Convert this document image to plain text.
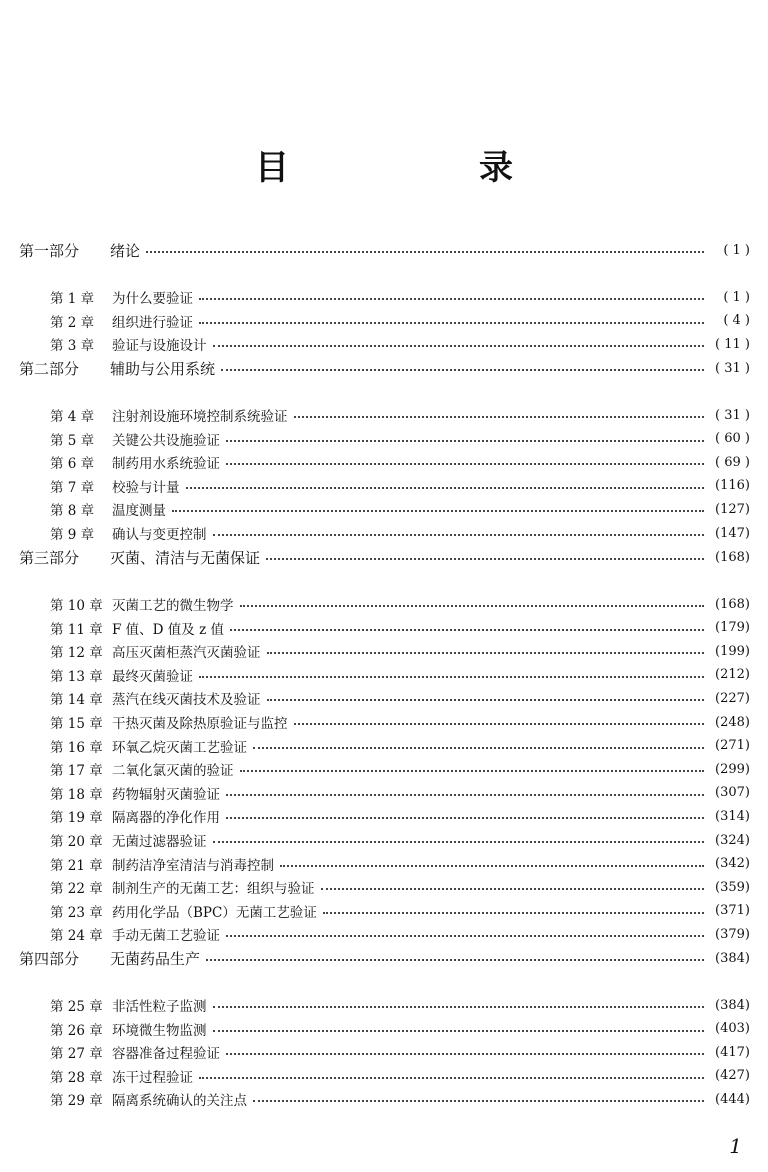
目　录
第一部分	绪论	( 1 )
第 1 章	为什么要验证	( 1 )
第 2 章	组织进行验证	( 4 )
第 3 章	验证与设施设计	( 11 )
第二部分	辅助与公用系统	( 31 )
第 4 章	注射剂设施环境控制系统验证	( 31 )
第 5 章	关键公共设施验证	( 60 )
第 6 章	制药用水系统验证	( 69 )
第 7 章	校验与计量	(116)
第 8 章	温度测量	(127)
第 9 章	确认与变更控制	(147)
第三部分	灭菌、清洁与无菌保证	(168)
第 10 章 灭菌工艺的微生物学	(168)
第 11 章 F 值、D 值及 z 值	(179)
第 12 章 高压灭菌柜蒸汽灭菌验证	(199)
第 13 章 最终灭菌验证	(212)
第 14 章 蒸汽在线灭菌技术及验证	(227)
第 15 章 干热灭菌及除热原验证与监控	(248)
第 16 章 环氧乙烷灭菌工艺验证	(271)
第 17 章 二氧化氯灭菌的验证	(299)
第 18 章 药物辐射灭菌验证	(307)
第 19 章 隔离器的净化作用	(314)
第 20 章 无菌过滤器验证	(324)
第 21 章 制药洁净室清洁与消毒控制	(342)
第 22 章 制剂生产的无菌工艺：组织与验证	(359)
第 23 章 药用化学品（BPC）无菌工艺验证	(371)
第 24 章 手动无菌工艺验证	(379)
第四部分	无菌药品生产	(384)
第 25 章 非活性粒子监测	(384)
第 26 章 环境微生物监测	(403)
第 27 章 容器准备过程验证	(417)
第 28 章 冻干过程验证	(427)
第 29 章 隔离系统确认的关注点	(444)
1
